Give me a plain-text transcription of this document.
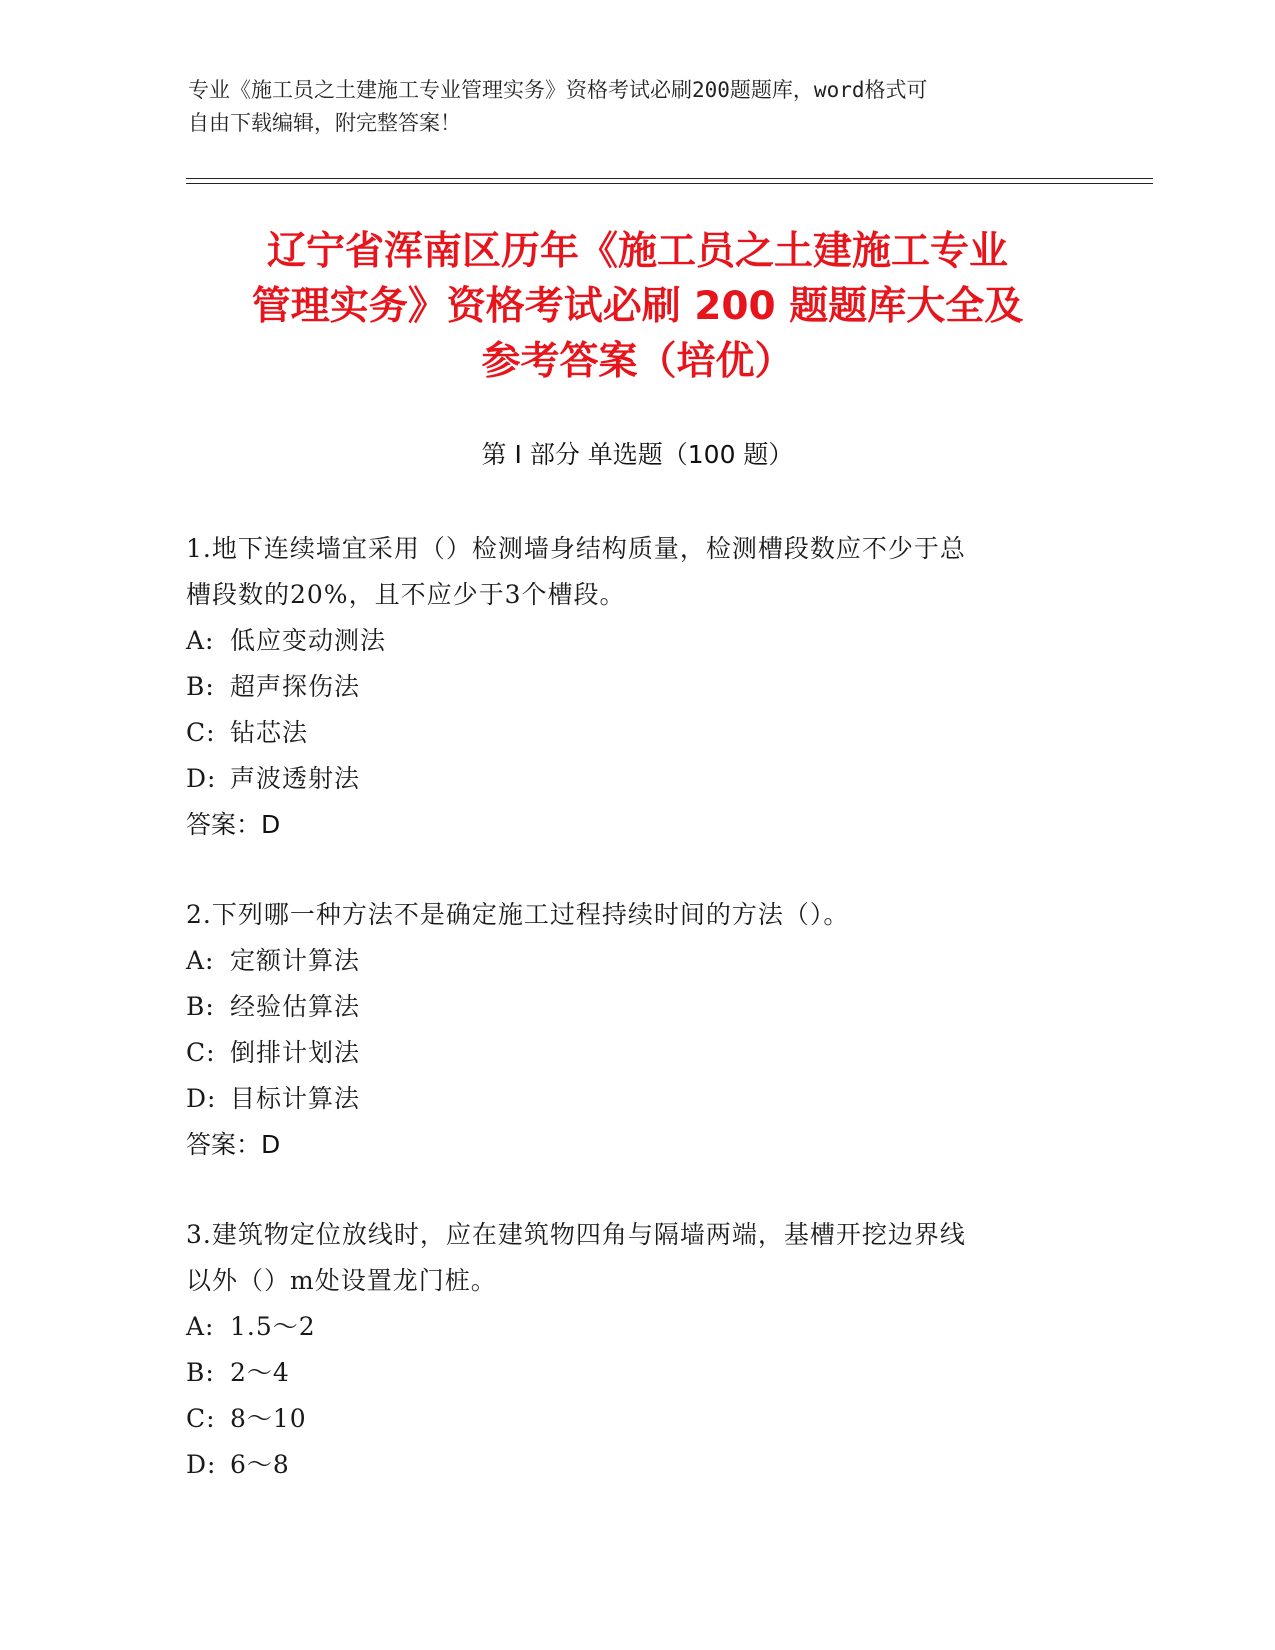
专业《施工员之土建施工专业管理实务》资格考试必刷200题题库，word格式可
自由下载编辑，附完整答案！
辽宁省浑南区历年《施工员之土建施工专业
管理实务》资格考试必刷 200 题题库大全及
参考答案（培优）
第 I 部分 单选题（100 题）
1.地下连续墙宜采用（）检测墙身结构质量，检测槽段数应不少于总
槽段数的20%，且不应少于3个槽段。
A: 低应变动测法
B: 超声探伤法
C: 钻芯法
D: 声波透射法
答案：D
2.下列哪一种方法不是确定施工过程持续时间的方法（）。
A: 定额计算法
B: 经验估算法
C: 倒排计划法
D: 目标计算法
答案：D
3.建筑物定位放线时，应在建筑物四角与隔墙两端，基槽开挖边界线
以外（）m处设置龙门桩。
A: 1.5～2
B: 2～4
C: 8～10
D: 6～8
